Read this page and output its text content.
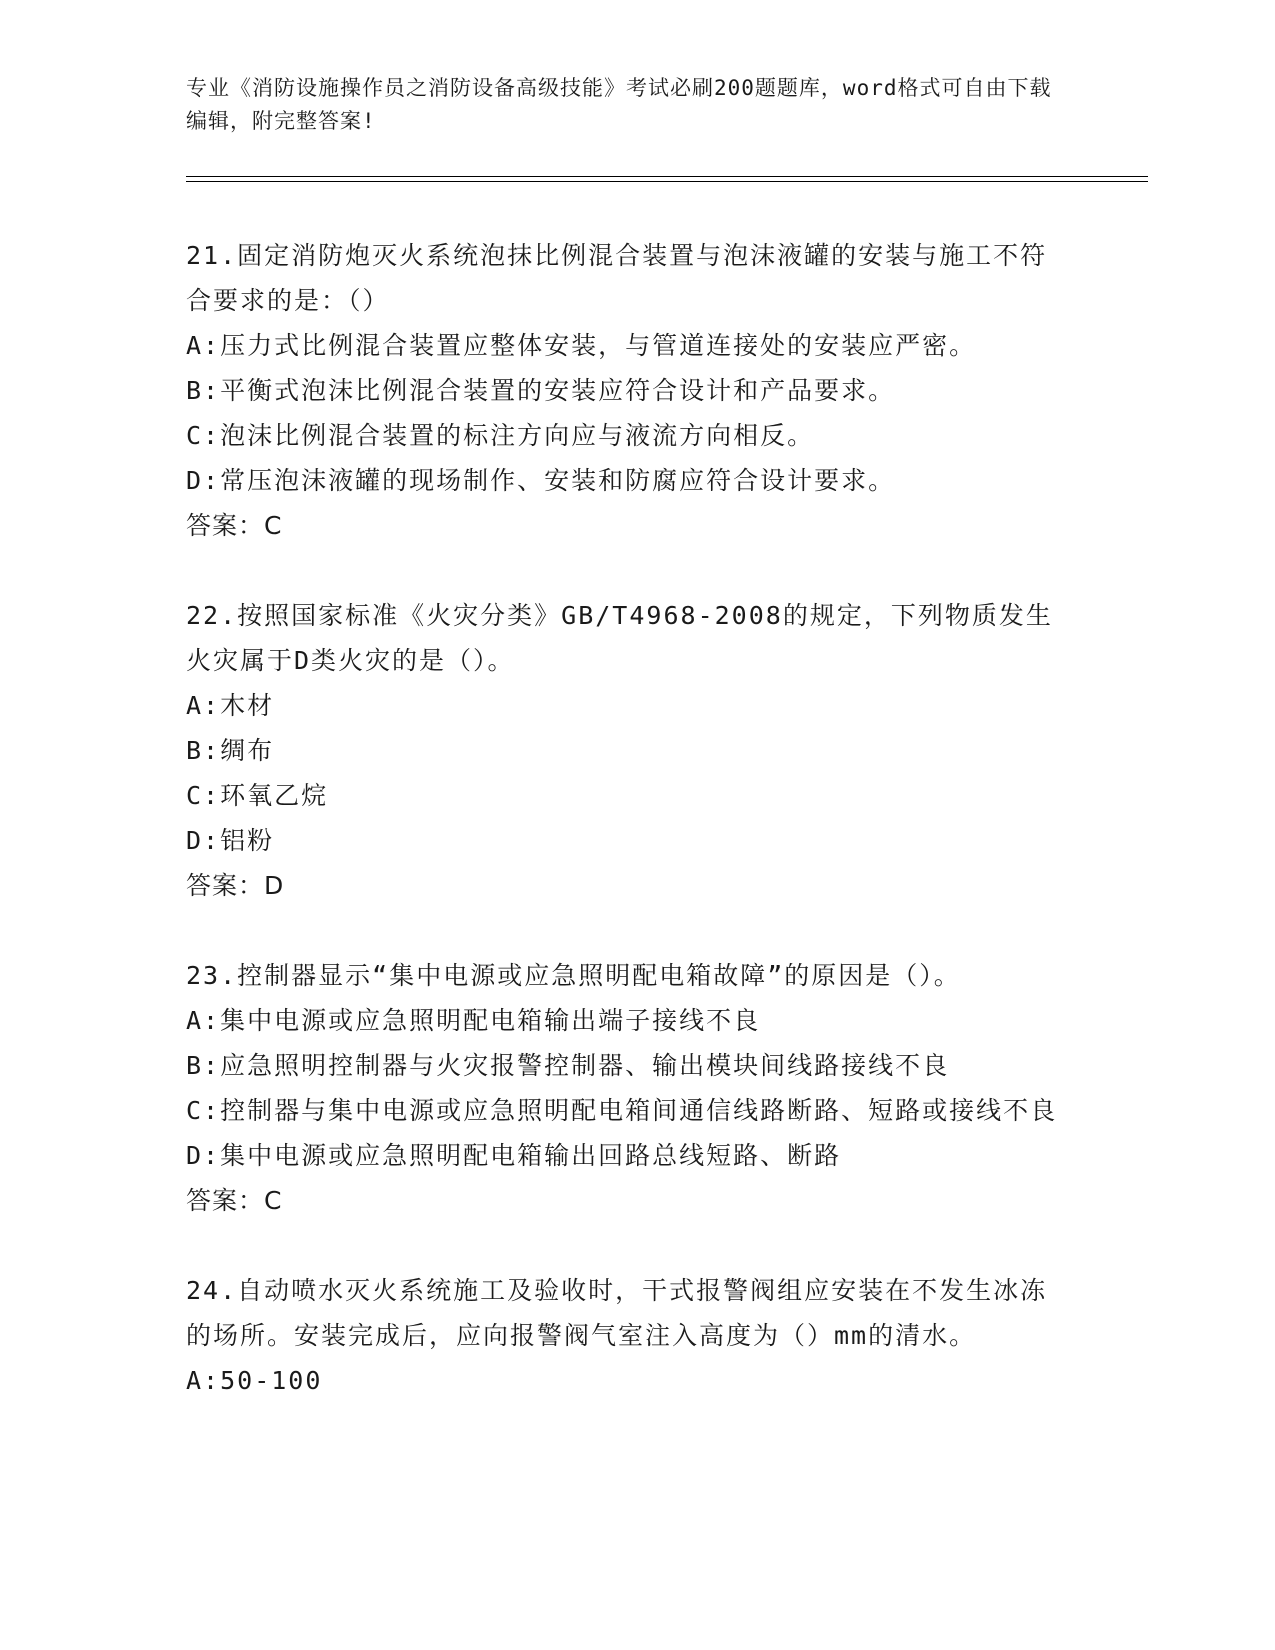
专业《消防设施操作员之消防设备高级技能》考试必刷200题题库，word格式可自由下载编辑，附完整答案!

21.固定消防炮灭火系统泡抹比例混合装置与泡沫液罐的安装与施工不符合要求的是：（）

A:压力式比例混合装置应整体安装，与管道连接处的安装应严密。

B:平衡式泡沫比例混合装置的安装应符合设计和产品要求。

C:泡沫比例混合装置的标注方向应与液流方向相反。

D:常压泡沫液罐的现场制作、安装和防腐应符合设计要求。

答案：C

22.按照国家标准《火灾分类》GB/T4968-2008的规定，下列物质发生火灾属于D类火灾的是（）。

A:木材

B:绸布

C:环氧乙烷

D:铝粉

答案：D

23.控制器显示“集中电源或应急照明配电箱故障”的原因是（）。

A:集中电源或应急照明配电箱输出端子接线不良

B:应急照明控制器与火灾报警控制器、输出模块间线路接线不良

C:控制器与集中电源或应急照明配电箱间通信线路断路、短路或接线不良

D:集中电源或应急照明配电箱输出回路总线短路、断路

答案：C

24.自动喷水灭火系统施工及验收时，干式报警阀组应安装在不发生冰冻的场所。安装完成后，应向报警阀气室注入高度为（）mm的清水。

A:50-100
